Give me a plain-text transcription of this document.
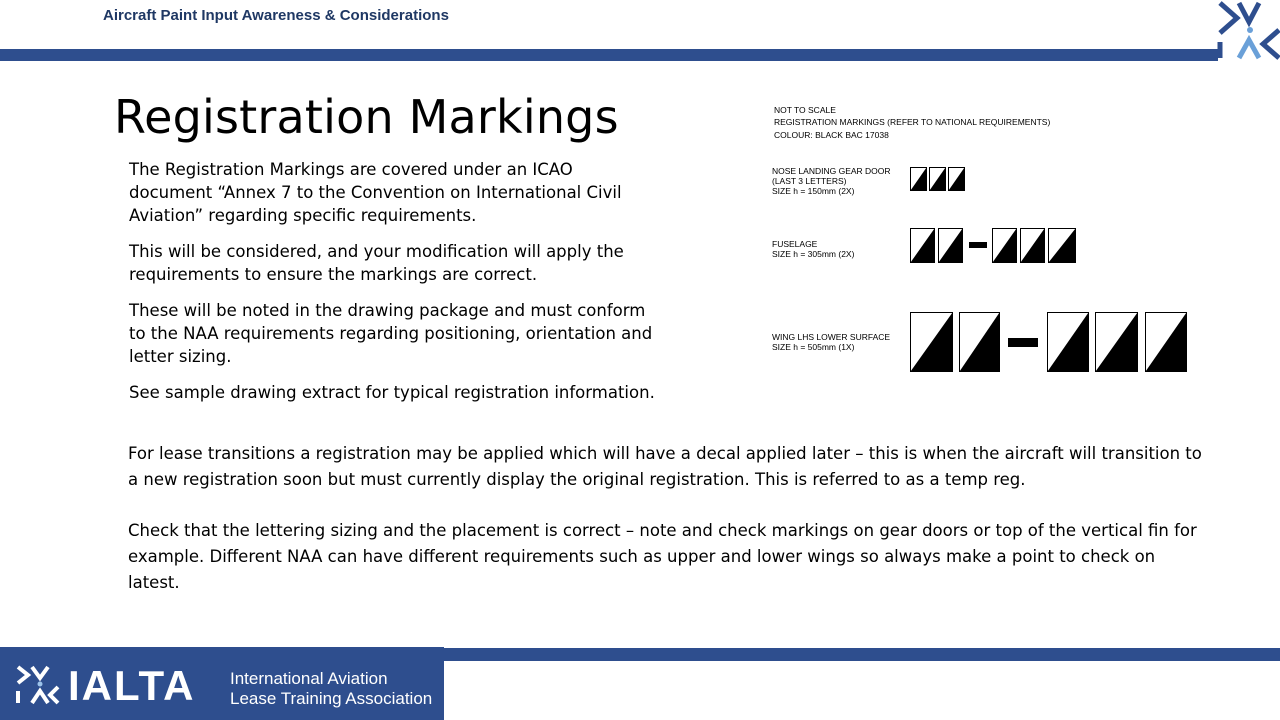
Aircraft Paint Input Awareness & Considerations
Registration Markings

The Registration Markings are covered under an ICAO document “Annex 7 to the Convention on International Civil Aviation” regarding specific requirements.

This will be considered, and your modification will apply the requirements to ensure the markings are correct.

These will be noted in the drawing package and must conform to the NAA requirements regarding positioning, orientation and letter sizing.

See sample drawing extract for typical registration information.

For lease transitions a registration may be applied which will have a decal applied later – this is when the aircraft will transition to a new registration soon but must currently display the original registration. This is referred to as a temp reg.

Check that the lettering sizing and the placement is correct – note and check markings on gear doors or top of the vertical fin for example. Different NAA can have different requirements such as upper and lower wings so always make a point to check on latest.

NOT TO SCALE
REGISTRATION MARKINGS (REFER TO NATIONAL REQUIREMENTS)
COLOUR: BLACK BAC 17038
NOSE LANDING GEAR DOOR
(LAST 3 LETTERS)
SIZE h = 150mm (2X)
FUSELAGE
SIZE h = 305mm (2X)
WING LHS LOWER SURFACE
SIZE h = 505mm (1X)
IALTA International Aviation
Lease Training Association
